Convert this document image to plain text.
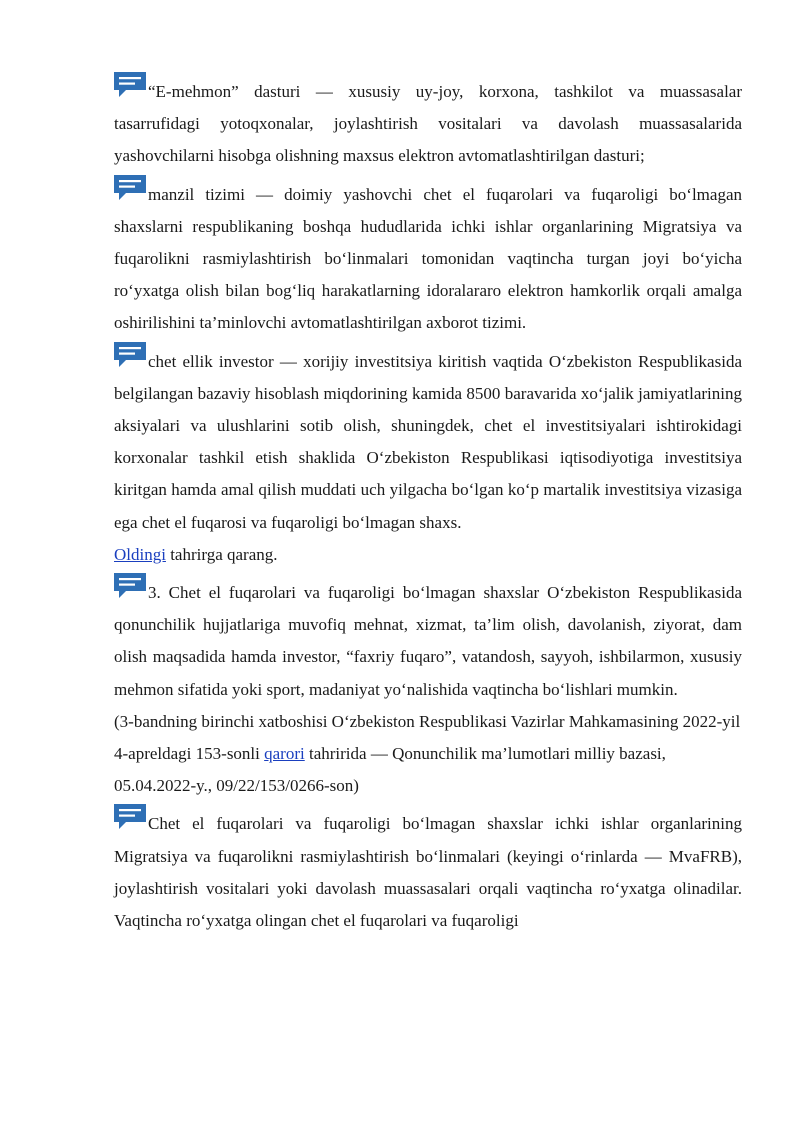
“E-mehmon” dasturi — xususiy uy-joy, korxona, tashkilot va muassasalar tasarrufidagi yotoqxonalar, joylashtirish vositalari va davolash muassasalarida yashovchilarni hisobga olishning maxsus elektron avtomatlashtirilgan dasturi;

manzil tizimi — doimiy yashovchi chet el fuqarolari va fuqaroligi bo‘lmagan shaxslarni respublikaning boshqa hududlarida ichki ishlar organlarining Migratsiya va fuqarolikni rasmiylashtirish bo‘linmalari tomonidan vaqtincha turgan joyi bo‘yicha ro‘yxatga olish bilan bog‘liq harakatlarning idoralararo elektron hamkorlik orqali amalga oshirilishini ta’minlovchi avtomatlashtirilgan axborot tizimi.

chet ellik investor — xorijiy investitsiya kiritish vaqtida O‘zbekiston Respublikasida belgilangan bazaviy hisoblash miqdorining kamida 8500 baravarida xo‘jalik jamiyatlarining aksiyalari va ulushlarini sotib olish, shuningdek, chet el investitsiyalari ishtirokidagi korxonalar tashkil etish shaklida O‘zbekiston Respublikasi iqtisodiyotiga investitsiya kiritgan hamda amal qilish muddati uch yilgacha bo‘lgan ko‘p martalik investitsiya vizasiga ega chet el fuqarosi va fuqaroligi bo‘lmagan shaxs.

Oldingi tahrirga qarang.

3. Chet el fuqarolari va fuqaroligi bo‘lmagan shaxslar O‘zbekiston Respublikasida qonunchilik hujjatlariga muvofiq mehnat, xizmat, ta’lim olish, davolanish, ziyorat, dam olish maqsadida hamda investor, “faxriy fuqaro”, vatandosh, sayyoh, ishbilarmon, xususiy mehmon sifatida yoki sport, madaniyat yo‘nalishida vaqtincha bo‘lishlari mumkin.

(3-bandning birinchi xatboshisi O‘zbekiston Respublikasi Vazirlar Mahkamasining 2022-yil 4-apreldagi 153-sonli qarori tahririda — Qonunchilik ma’lumotlari milliy bazasi, 05.04.2022-y., 09/22/153/0266-son)

Chet el fuqarolari va fuqaroligi bo‘lmagan shaxslar ichki ishlar organlarining Migratsiya va fuqarolikni rasmiylashtirish bo‘linmalari (keyingi o‘rinlarda — MvaFRB), joylashtirish vositalari yoki davolash muassasalari orqali vaqtincha ro‘yxatga olinadilar. Vaqtincha ro‘yxatga olingan chet el fuqarolari va fuqaroligi
